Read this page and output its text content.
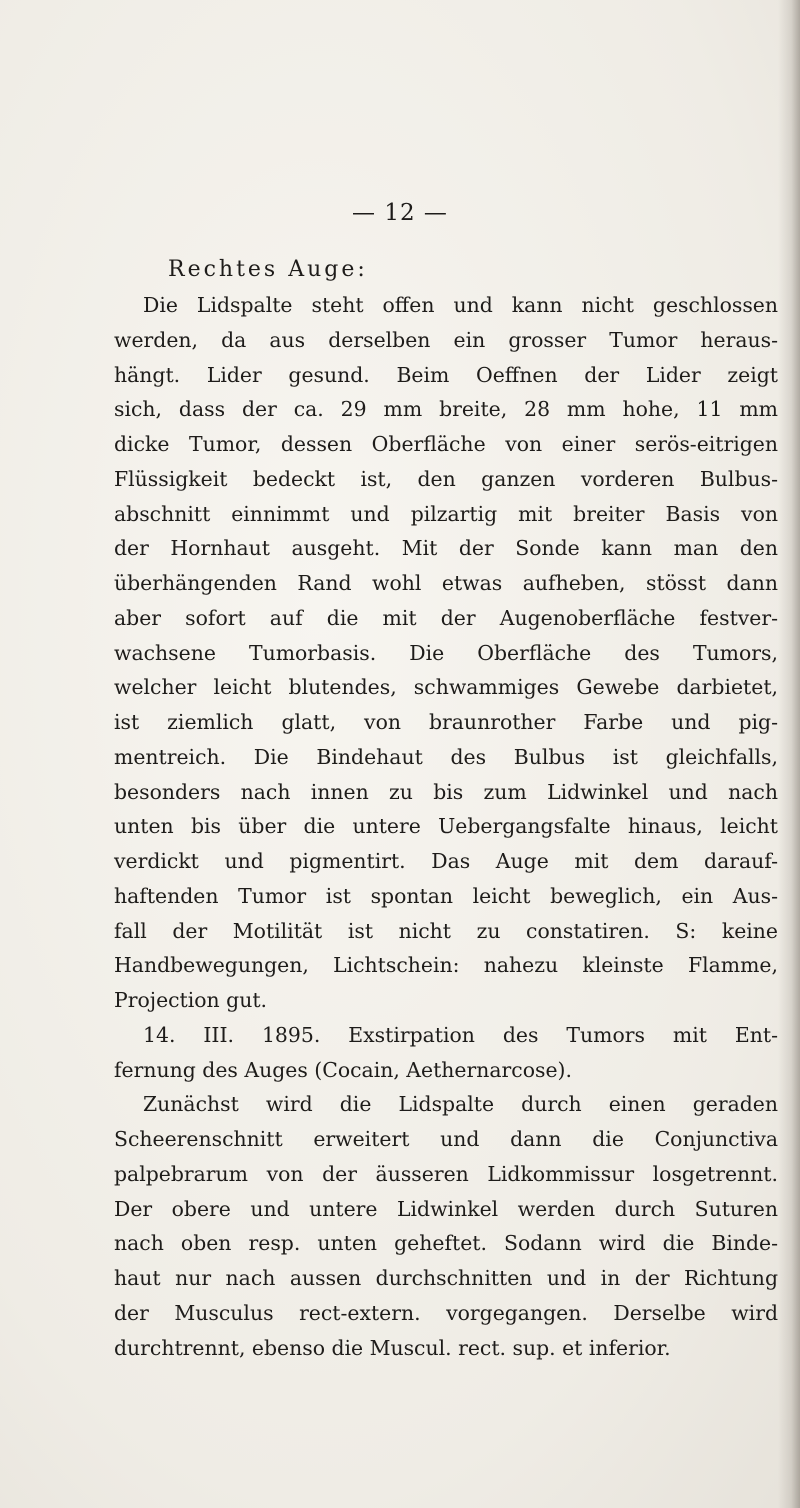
— 12 —

Rechtes Auge:

Die Lidspalte steht offen und kann nicht geschlossen
werden, da aus derselben ein grosser Tumor heraus-
hängt. Lider gesund. Beim Oeffnen der Lider zeigt
sich, dass der ca. 29 mm breite, 28 mm hohe, 11 mm
dicke Tumor, dessen Oberfläche von einer serös-eitrigen
Flüssigkeit bedeckt ist, den ganzen vorderen Bulbus-
abschnitt einnimmt und pilzartig mit breiter Basis von
der Hornhaut ausgeht. Mit der Sonde kann man den
überhängenden Rand wohl etwas aufheben, stösst dann
aber sofort auf die mit der Augenoberfläche festver-
wachsene Tumorbasis. Die Oberfläche des Tumors,
welcher leicht blutendes, schwammiges Gewebe darbietet,
ist ziemlich glatt, von braunrother Farbe und pig-
mentreich. Die Bindehaut des Bulbus ist gleichfalls,
besonders nach innen zu bis zum Lidwinkel und nach
unten bis über die untere Uebergangsfalte hinaus, leicht
verdickt und pigmentirt. Das Auge mit dem darauf-
haftenden Tumor ist spontan leicht beweglich, ein Aus-
fall der Motilität ist nicht zu constatiren. S: keine
Handbewegungen, Lichtschein: nahezu kleinste Flamme,
Projection gut.
14. III. 1895. Exstirpation des Tumors mit Ent-
fernung des Auges (Cocain, Aethernarcose).
Zunächst wird die Lidspalte durch einen geraden
Scheerenschnitt erweitert und dann die Conjunctiva
palpebrarum von der äusseren Lidkommissur losgetrennt.
Der obere und untere Lidwinkel werden durch Suturen
nach oben resp. unten geheftet. Sodann wird die Binde-
haut nur nach aussen durchschnitten und in der Richtung
der Musculus rect-extern. vorgegangen. Derselbe wird
durchtrennt, ebenso die Muscul. rect. sup. et inferior.
